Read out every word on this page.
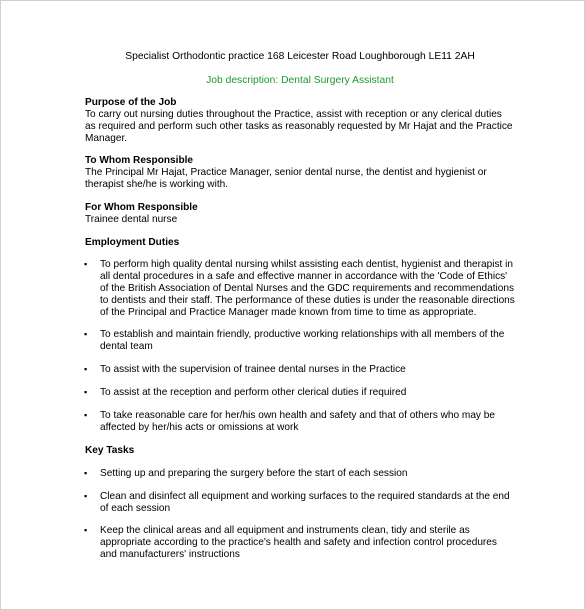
Specialist Orthodontic practice 168 Leicester Road Loughborough LE11 2AH

Job description: Dental Surgery Assistant

Purpose of the Job

To carry out nursing duties throughout the Practice, assist with reception or any clerical duties as required and perform such other tasks as reasonably requested by Mr Hajat and the Practice Manager.

To Whom Responsible

The Principal Mr Hajat, Practice Manager, senior dental nurse, the dentist and hygienist or therapist she/he is working with.

For Whom Responsible

Trainee dental nurse

Employment Duties

▪	To perform high quality dental nursing whilst assisting each dentist, hygienist and therapist in all dental procedures in a safe and effective manner in accordance with the 'Code of Ethics' of the British Association of Dental Nurses and the GDC requirements and recommendations to dentists and their staff. The performance of these duties is under the reasonable directions of the Principal and Practice Manager made known from time to time as appropriate.
▪	To establish and maintain friendly, productive working relationships with all members of the dental team
▪	To assist with the supervision of trainee dental nurses in the Practice
▪	To assist at the reception and perform other clerical duties if required
▪	To take reasonable care for her/his own health and safety and that of others who may be affected by her/his acts or omissions at work

Key Tasks

▪	Setting up and preparing the surgery before the start of each session
▪	Clean and disinfect all equipment and working surfaces to the required standards at the end of each session
▪	Keep the clinical areas and all equipment and instruments clean, tidy and sterile as appropriate according to the practice's health and safety and infection control procedures and manufacturers' instructions
